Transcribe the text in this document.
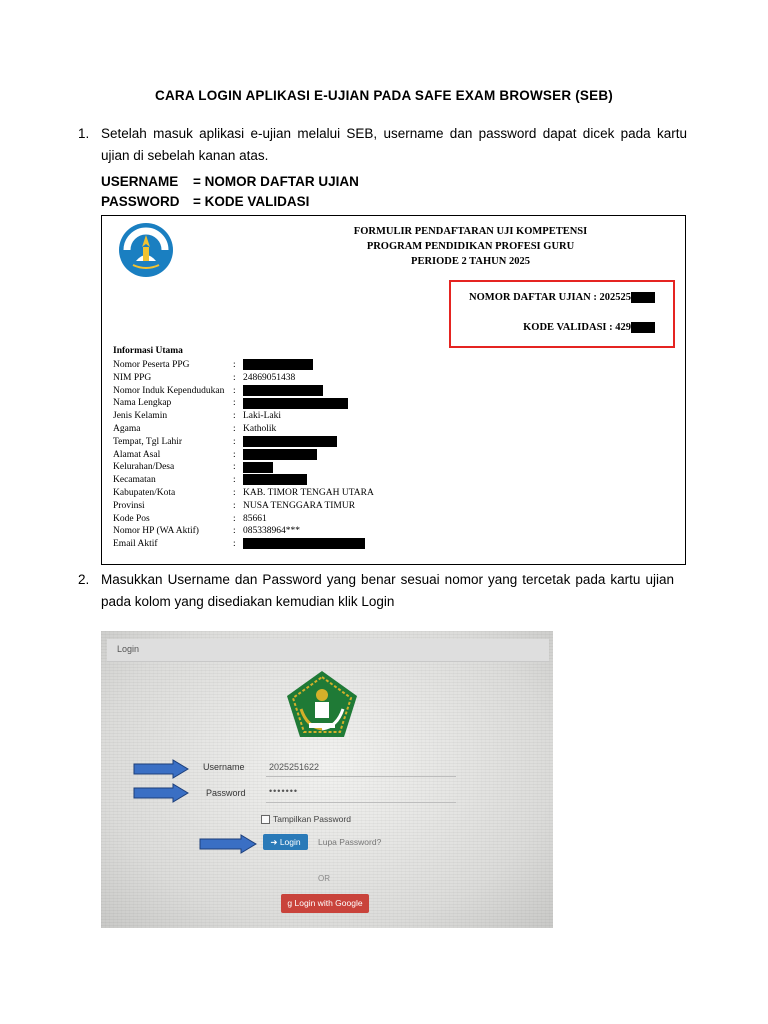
CARA LOGIN APLIKASI E-UJIAN PADA SAFE EXAM BROWSER (SEB)
1. Setelah masuk aplikasi e-ujian melalui SEB, username dan password dapat dicek pada kartu ujian di sebelah kanan atas.
USERNAME = NOMOR DAFTAR UJIAN
PASSWORD = KODE VALIDASI
FORMULIR PENDAFTARAN UJI KOMPETENSI
PROGRAM PENDIDIKAN PROFESI GURU
PERIODE 2 TAHUN 2025
NOMOR DAFTAR UJIAN : 202525
KODE VALIDASI : 429
Informasi Utama
Nomor Peserta PPG	:
NIM PPG	: 24869051438
Nomor Induk Kependudukan :
Nama Lengkap	:
Jenis Kelamin	: Laki-Laki
Agama	: Katholik
Tempat, Tgl Lahir	:
Alamat Asal	:
Kelurahan/Desa	:
Kecamatan	:
Kabupaten/Kota	: KAB. TIMOR TENGAH UTARA
Provinsi	: NUSA TENGGARA TIMUR
Kode Pos	: 85661
Nomor HP (WA Aktif)	: 085338964***
Email Aktif	:
2. Masukkan Username dan Password yang benar sesuai nomor yang tercetak pada kartu ujian pada kolom yang disediakan kemudian klik Login
Login
Username	2025251622
Password	•••••••
Tampilkan Password
➜ Login	Lupa Password?
OR
g Login with Google
